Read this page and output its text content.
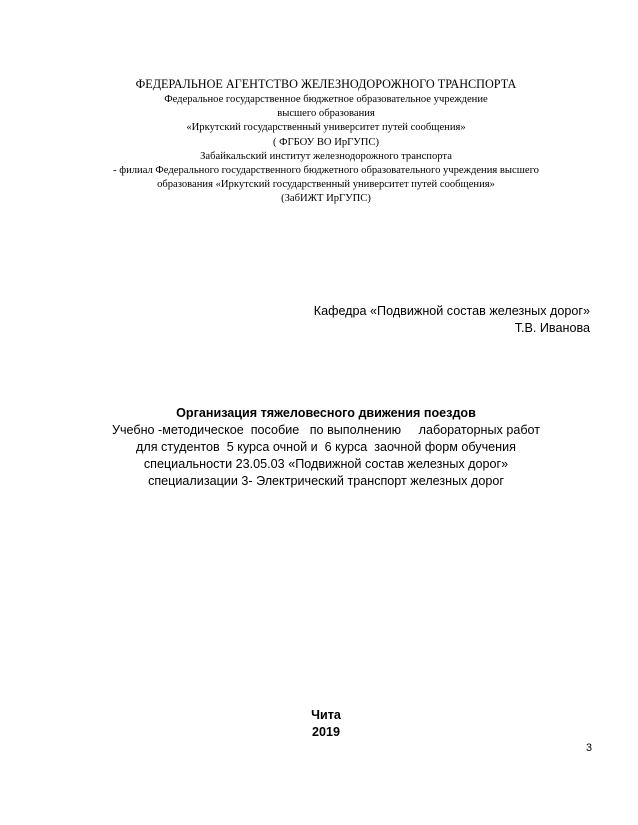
ФЕДЕРАЛЬНОЕ АГЕНТСТВО ЖЕЛЕЗНОДОРОЖНОГО ТРАНСПОРТА
Федеральное государственное бюджетное образовательное учреждение
высшего образования
«Иркутский государственный университет путей сообщения»
( ФГБОУ ВО ИрГУПС)
Забайкальский институт железнодорожного транспорта
- филиал Федерального государственного бюджетного образовательного учреждения высшего
образования «Иркутский государственный университет путей сообщения»
(ЗабИЖТ ИрГУПС)
Кафедра «Подвижной состав железных дорог»
Т.В. Иванова
Организация тяжеловесного движения поездов
Учебно -методическое  пособие   по выполнению     лабораторных работ
для студентов  5 курса очной и  6 курса  заочной форм обучения
специальности 23.05.03 «Подвижной состав железных дорог»
специализации 3- Электрический транспорт железных дорог
Чита
2019
3
